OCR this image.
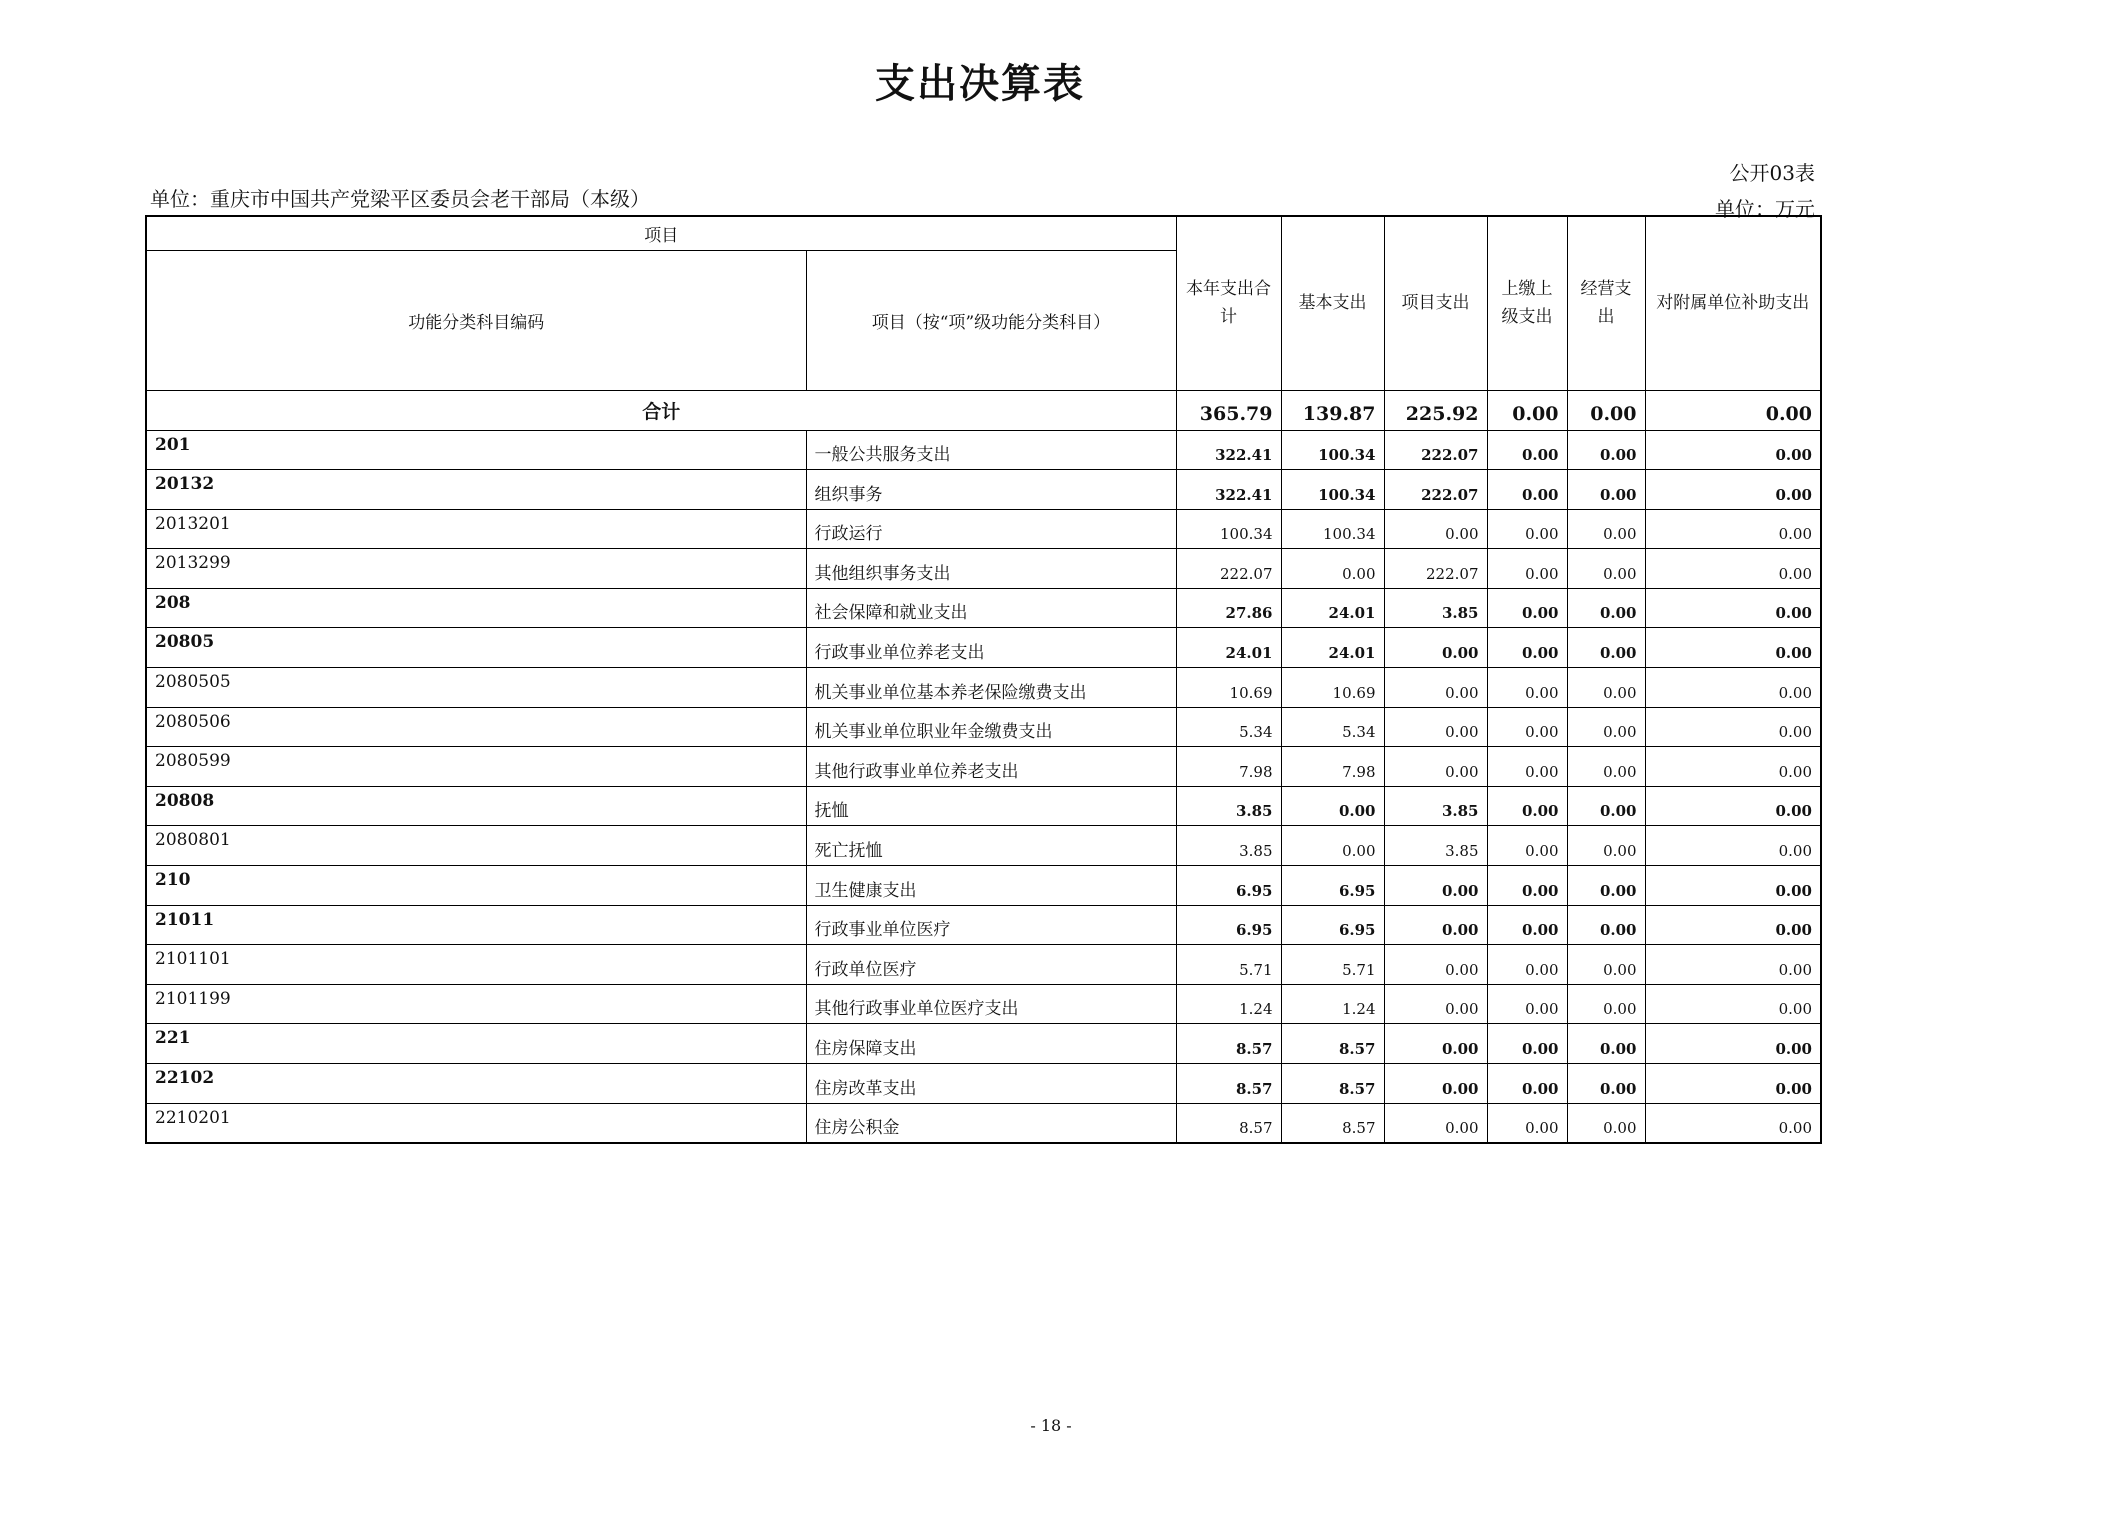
支出决算表
公开03表
单位：重庆市中国共产党梁平区委员会老干部局（本级）	单位：万元
项目		本年支出合计	基本支出	项目支出	上缴上级支出	经营支出	对附属单位补助支出
功能分类科目编码	项目（按“项”级功能分类科目）						
合计		365.79	139.87	225.92	0.00	0.00	0.00
201	一般公共服务支出	322.41	100.34	222.07	0.00	0.00	0.00
20132	组织事务	322.41	100.34	222.07	0.00	0.00	0.00
2013201	行政运行	100.34	100.34	0.00	0.00	0.00	0.00
2013299	其他组织事务支出	222.07	0.00	222.07	0.00	0.00	0.00
208	社会保障和就业支出	27.86	24.01	3.85	0.00	0.00	0.00
20805	行政事业单位养老支出	24.01	24.01	0.00	0.00	0.00	0.00
2080505	机关事业单位基本养老保险缴费支出	10.69	10.69	0.00	0.00	0.00	0.00
2080506	机关事业单位职业年金缴费支出	5.34	5.34	0.00	0.00	0.00	0.00
2080599	其他行政事业单位养老支出	7.98	7.98	0.00	0.00	0.00	0.00
20808	抚恤	3.85	0.00	3.85	0.00	0.00	0.00
2080801	死亡抚恤	3.85	0.00	3.85	0.00	0.00	0.00
210	卫生健康支出	6.95	6.95	0.00	0.00	0.00	0.00
21011	行政事业单位医疗	6.95	6.95	0.00	0.00	0.00	0.00
2101101	行政单位医疗	5.71	5.71	0.00	0.00	0.00	0.00
2101199	其他行政事业单位医疗支出	1.24	1.24	0.00	0.00	0.00	0.00
221	住房保障支出	8.57	8.57	0.00	0.00	0.00	0.00
22102	住房改革支出	8.57	8.57	0.00	0.00	0.00	0.00
2210201	住房公积金	8.57	8.57	0.00	0.00	0.00	0.00
- 18 -
